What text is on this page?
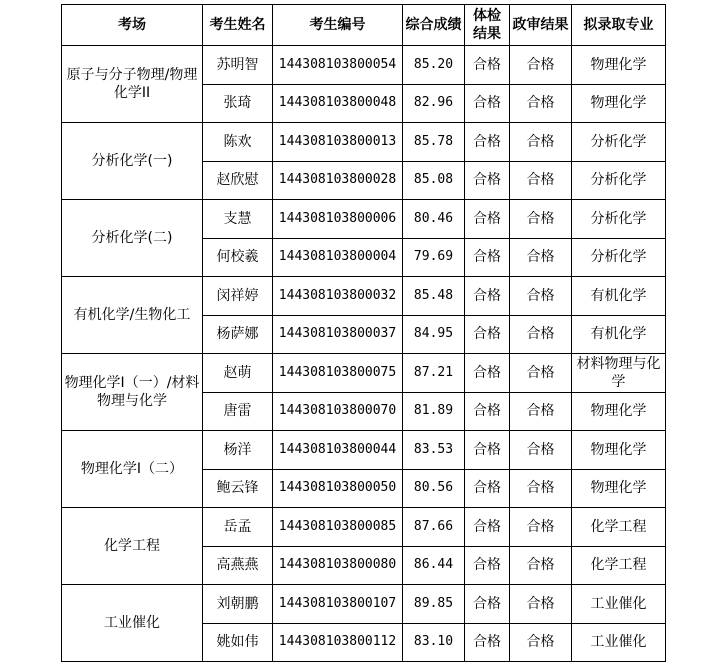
考场	考生姓名	考生编号	综合成绩	体检结果	政审结果	拟录取专业
原子与分子物理/物理化学II	苏明智	144308103800054	85.20	合格	合格	物理化学
	张琦	144308103800048	82.96	合格	合格	物理化学
分析化学(一)	陈欢	144308103800013	85.78	合格	合格	分析化学
	赵欣慰	144308103800028	85.08	合格	合格	分析化学
分析化学(二)	支慧	144308103800006	80.46	合格	合格	分析化学
	何校羲	144308103800004	79.69	合格	合格	分析化学
有机化学/生物化工	闵祥婷	144308103800032	85.48	合格	合格	有机化学
	杨萨娜	144308103800037	84.95	合格	合格	有机化学
物理化学I（一）/材料物理与化学	赵萌	144308103800075	87.21	合格	合格	材料物理与化学
	唐雷	144308103800070	81.89	合格	合格	物理化学
物理化学I（二）	杨洋	144308103800044	83.53	合格	合格	物理化学
	鲍云锋	144308103800050	80.56	合格	合格	物理化学
化学工程	岳孟	144308103800085	87.66	合格	合格	化学工程
	高燕燕	144308103800080	86.44	合格	合格	化学工程
工业催化	刘朝鹏	144308103800107	89.85	合格	合格	工业催化
	姚如伟	144308103800112	83.10	合格	合格	工业催化
